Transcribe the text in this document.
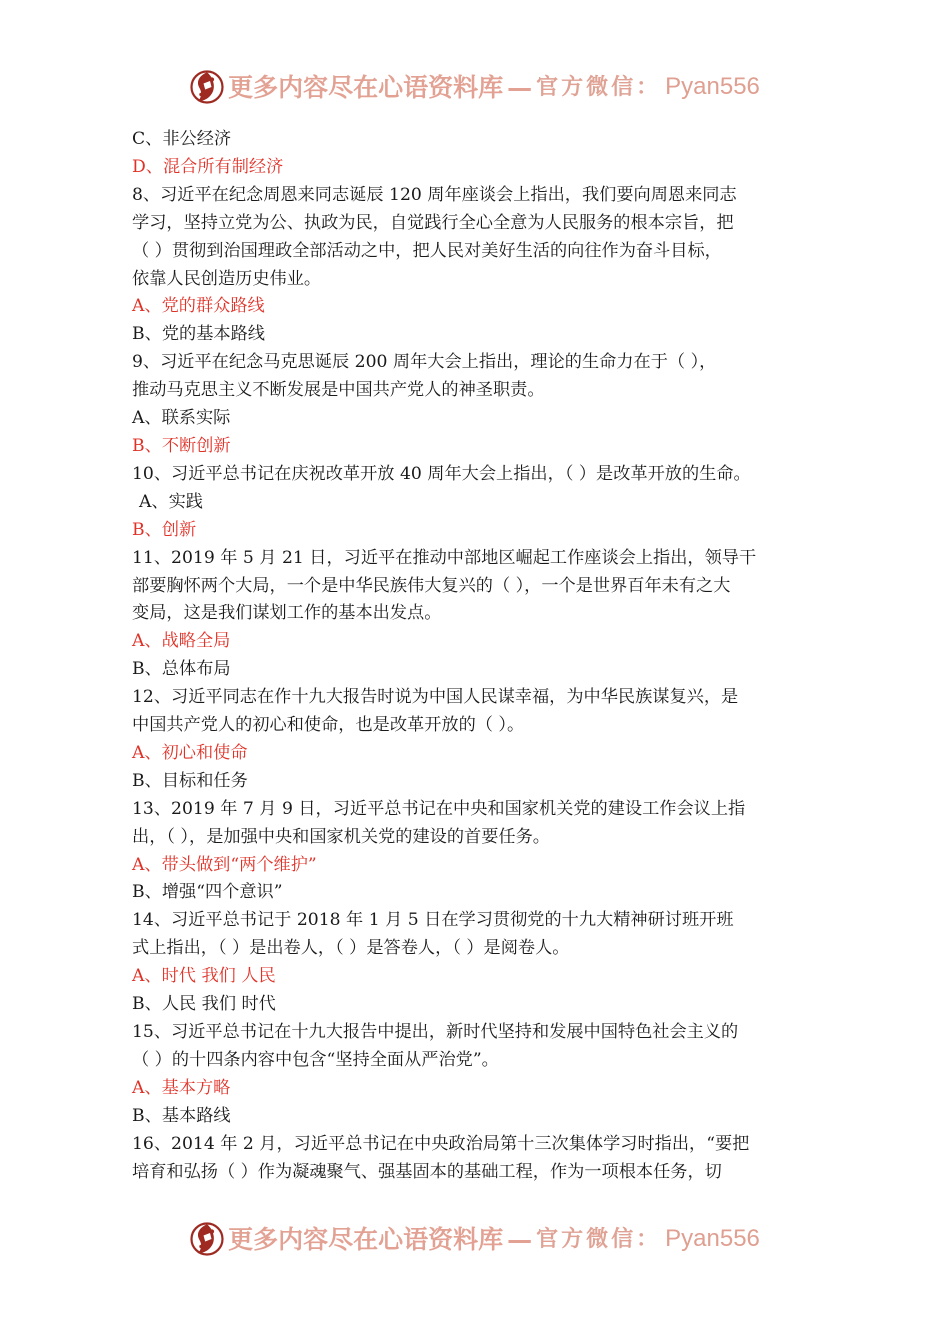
更多内容尽在心语资料库 — 官方微信： Pyan556
C、非公经济
D、混合所有制经济
8、习近平在纪念周恩来同志诞辰 120 周年座谈会上指出，我们要向周恩来同志
学习，坚持立党为公、执政为民，自觉践行全心全意为人民服务的根本宗旨，把
（ ）贯彻到治国理政全部活动之中，把人民对美好生活的向往作为奋斗目标，
依靠人民创造历史伟业。
A、党的群众路线
B、党的基本路线
9、习近平在纪念马克思诞辰 200 周年大会上指出，理论的生命力在于（ ），
推动马克思主义不断发展是中国共产党人的神圣职责。
A、联系实际
B、不断创新
10、习近平总书记在庆祝改革开放 40 周年大会上指出，（ ）是改革开放的生命。
A、实践
B、创新
11、2019 年 5 月 21 日，习近平在推动中部地区崛起工作座谈会上指出，领导干
部要胸怀两个大局，一个是中华民族伟大复兴的（ ），一个是世界百年未有之大
变局，这是我们谋划工作的基本出发点。
A、战略全局
B、总体布局
12、习近平同志在作十九大报告时说为中国人民谋幸福，为中华民族谋复兴，是
中国共产党人的初心和使命，也是改革开放的（ ）。
A、初心和使命
B、目标和任务
13、2019 年 7 月 9 日，习近平总书记在中央和国家机关党的建设工作会议上指
出，（ ），是加强中央和国家机关党的建设的首要任务。
A、带头做到“两个维护”
B、增强“四个意识”
14、习近平总书记于 2018 年 1 月 5 日在学习贯彻党的十九大精神研讨班开班
式上指出，（ ）是出卷人，（ ）是答卷人，（ ）是阅卷人。
A、时代 我们 人民
B、人民 我们 时代
15、习近平总书记在十九大报告中提出，新时代坚持和发展中国特色社会主义的
（ ）的十四条内容中包含“坚持全面从严治党”。
A、基本方略
B、基本路线
16、2014 年 2 月，习近平总书记在中央政治局第十三次集体学习时指出，“要把
培育和弘扬（ ）作为凝魂聚气、强基固本的基础工程，作为一项根本任务，切
更多内容尽在心语资料库 — 官方微信： Pyan556
